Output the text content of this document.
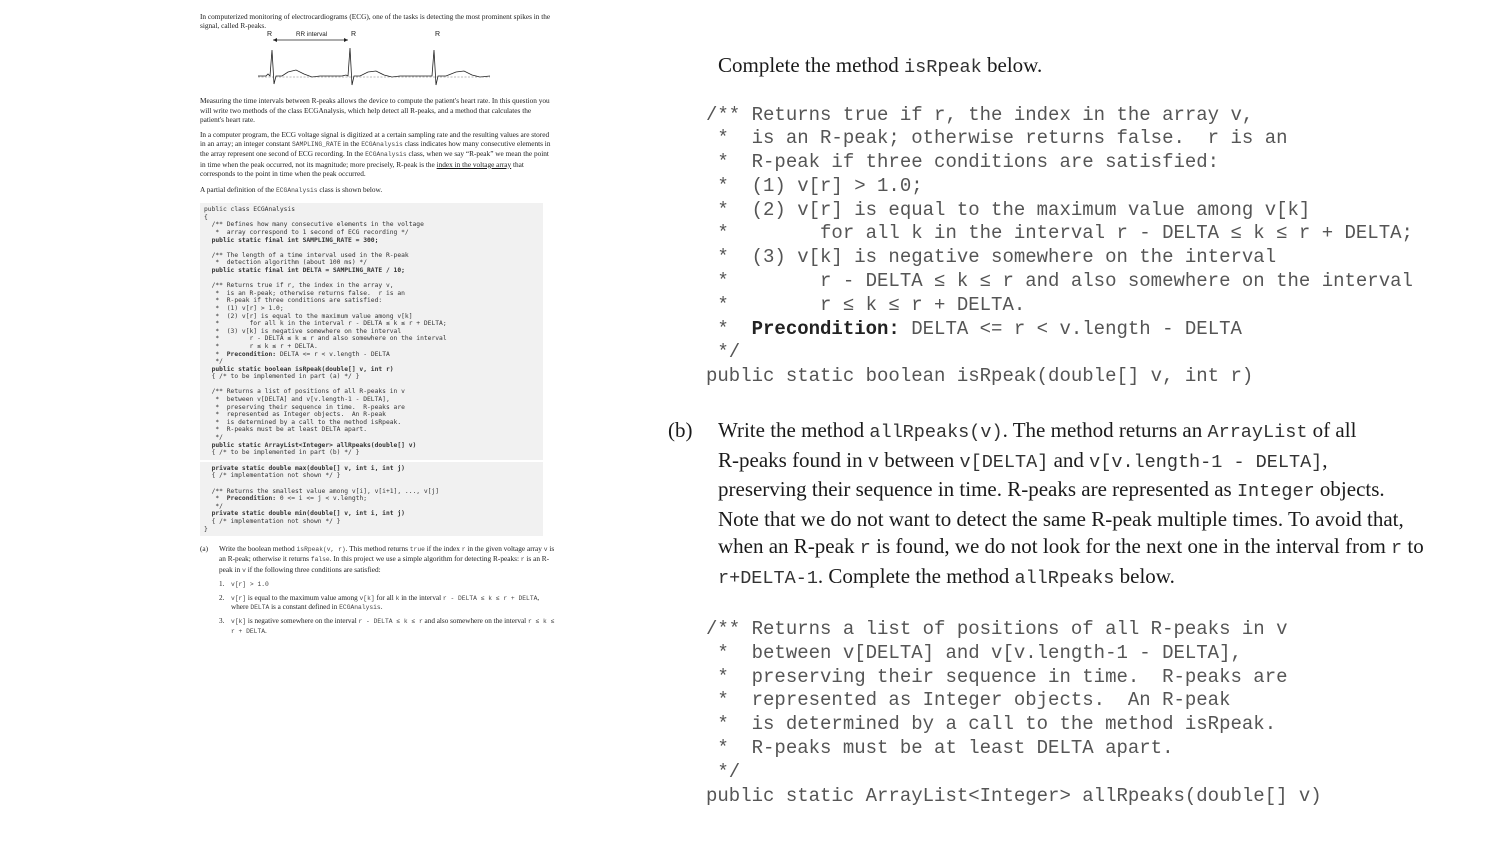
In computerized monitoring of electrocardiograms (ECG), one of the tasks is detecting the most prominent spikes in the signal, called R-peaks.

R	RR interval	R	R

Measuring the time intervals between R-peaks allows the device to compute the patient's heart rate. In this question you will write two methods of the class ECGAnalysis, which help detect all R-peaks, and a method that calculates the patient's heart rate.

In a computer program, the ECG voltage signal is digitized at a certain sampling rate and the resulting values are stored in an array; an integer constant SAMPLING_RATE in the ECGAnalysis class indicates how many consecutive elements in the array represent one second of ECG recording. In the ECGAnalysis class, when we say “R-peak” we mean the point in time when the peak occurred, not its magnitude; more precisely, R-peak is the index in the voltage array that corresponds to the point in time when the peak occurred.

A partial definition of the ECGAnalysis class is shown below.

public class ECGAnalysis
{
/** Defines how many consecutive elements in the voltage
*  array correspond to 1 second of ECG recording */
public static final int SAMPLING_RATE = 300;

/** The length of a time interval used in the R-peak
*  detection algorithm (about 100 ms) */
public static final int DELTA = SAMPLING_RATE / 10;

/** Returns true if r, the index in the array v,
*  is an R-peak; otherwise returns false.  r is an
*  R-peak if three conditions are satisfied:
*  (1) v[r] > 1.0;
*  (2) v[r] is equal to the maximum value among v[k]
*        for all k in the interval r - DELTA ≤ k ≤ r + DELTA;
*  (3) v[k] is negative somewhere on the interval
*        r - DELTA ≤ k ≤ r and also somewhere on the interval
*        r ≤ k ≤ r + DELTA.
*  Precondition: DELTA <= r < v.length - DELTA
*/
public static boolean isRpeak(double[] v, int r)
{ /* to be implemented in part (a) */ }

/** Returns a list of positions of all R-peaks in v
*  between v[DELTA] and v[v.length-1 - DELTA],
*  preserving their sequence in time.  R-peaks are
*  represented as Integer objects.  An R-peak
*  is determined by a call to the method isRpeak.
*  R-peaks must be at least DELTA apart.
*/
public static ArrayList<Integer> allRpeaks(double[] v)
{ /* to be implemented in part (b) */ }
private static double max(double[] v, int i, int j)
{ /* implementation not shown */ }

/** Returns the smallest value among v[i], v[i+1], ..., v[j]
*  Precondition: 0 <= i <= j < v.length;
*/
private static double min(double[] v, int i, int j)
{ /* implementation not shown */ }
}
(a) Write the boolean method isRpeak(v, r). This method returns true if the index r in the given voltage array v is an R-peak; otherwise it returns false. In this project we use a simple algorithm for detecting R-peaks: r is an R-peak in v if the following three conditions are satisfied:

1. v[r] > 1.0
2. v[r] is equal to the maximum value among v[k] for all k in the interval r - DELTA ≤ k ≤ r + DELTA, where DELTA is a constant defined in ECGAnalysis.
3. v[k] is negative somewhere on the interval r - DELTA ≤ k ≤ r and also somewhere on the interval r ≤ k ≤ r + DELTA.

Complete the method isRpeak below.

/** Returns true if r, the index in the array v,
*  is an R-peak; otherwise returns false.  r is an
*  R-peak if three conditions are satisfied:
*  (1) v[r] > 1.0;
*  (2) v[r] is equal to the maximum value among v[k]
*        for all k in the interval r - DELTA ≤ k ≤ r + DELTA;
*  (3) v[k] is negative somewhere on the interval
*        r - DELTA ≤ k ≤ r and also somewhere on the interval
*        r ≤ k ≤ r + DELTA.
*  Precondition: DELTA <= r < v.length - DELTA
*/
public static boolean isRpeak(double[] v, int r)
(b) Write the method allRpeaks(v). The method returns an ArrayList of all

R-peaks found in v between v[DELTA] and v[v.length-1 - DELTA],

preserving their sequence in time. R-peaks are represented as Integer objects.

Note that we do not want to detect the same R-peak multiple times. To avoid that,

when an R-peak r is found, we do not look for the next one in the interval from r to

r+DELTA-1. Complete the method allRpeaks below.

/** Returns a list of positions of all R-peaks in v
*  between v[DELTA] and v[v.length-1 - DELTA],
*  preserving their sequence in time.  R-peaks are
*  represented as Integer objects.  An R-peak
*  is determined by a call to the method isRpeak.
*  R-peaks must be at least DELTA apart.
*/
public static ArrayList<Integer> allRpeaks(double[] v)
